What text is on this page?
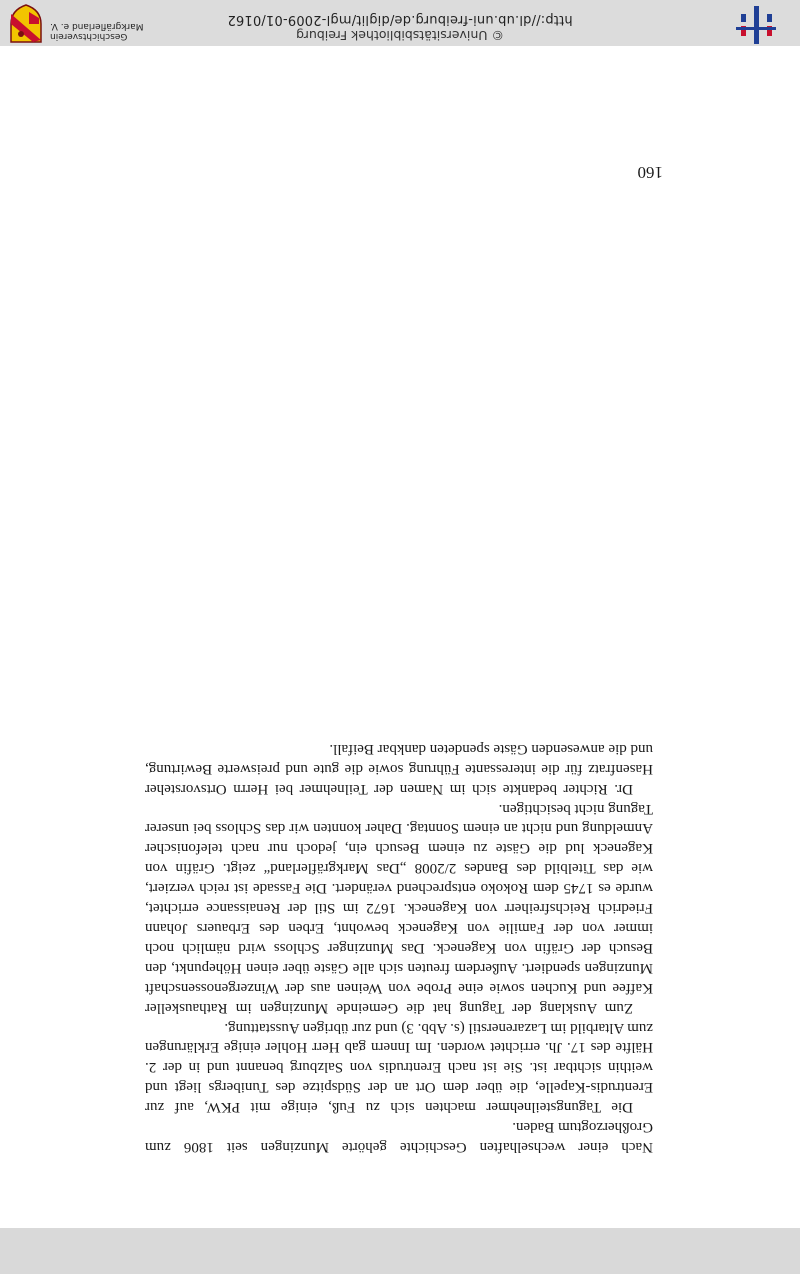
© Universitätsbibliothek Freiburg
http://dl.ub.uni-freiburg.de/diglit/mgl-2009-01/0162
Geschichtsverein
Markgräflerland e. V.
160

Nach einer wechselhaften Geschichte gehörte Munzingen seit 1806 zum Großherzogtum Baden.

Die Tagungsteilnehmer machten sich zu Fuß, einige mit PKW, auf zur Erentrudis-Kapelle, die über dem Ort an der Südspitze des Tunibergs liegt und weithin sichtbar ist. Sie ist nach Erentrudis von Salzburg benannt und in der 2. Hälfte des 17. Jh. errichtet worden. Im Innern gab Herr Hohler einige Erklärungen zum Altarbild im Lazarenerstil (s. Abb. 3) und zur übrigen Ausstattung.

Zum Ausklang der Tagung hat die Gemeinde Munzingen im Rathauskeller Kaffee und Kuchen sowie eine Probe von Weinen aus der Winzergenossenschaft Munzingen spendiert. Außerdem freuten sich alle Gäste über einen Höhepunkt, den Besuch der Gräfin von Kageneck. Das Munzinger Schloss wird nämlich noch immer von der Familie von Kageneck bewohnt, Erben des Erbauers Johann Friedrich Reichsfreiherr von Kageneck. 1672 im Stil der Renaissance errichtet, wurde es 1745 dem Rokoko entsprechend verändert. Die Fassade ist reich verziert, wie das Titelbild des Bandes 2/2008 „Das Markgräflerland“ zeigt. Gräfin von Kageneck lud die Gäste zu einem Besuch ein, jedoch nur nach telefonischer Anmeldung und nicht an einem Sonntag. Daher konnten wir das Schloss bei unserer Tagung nicht besichtigen.

Dr. Richter bedankte sich im Namen der Teilnehmer bei Herrn Ortsvorsteher Hasenfratz für die interessante Führung sowie die gute und preiswerte Bewirtung, und die anwesenden Gäste spendeten dankbar Beifall.
